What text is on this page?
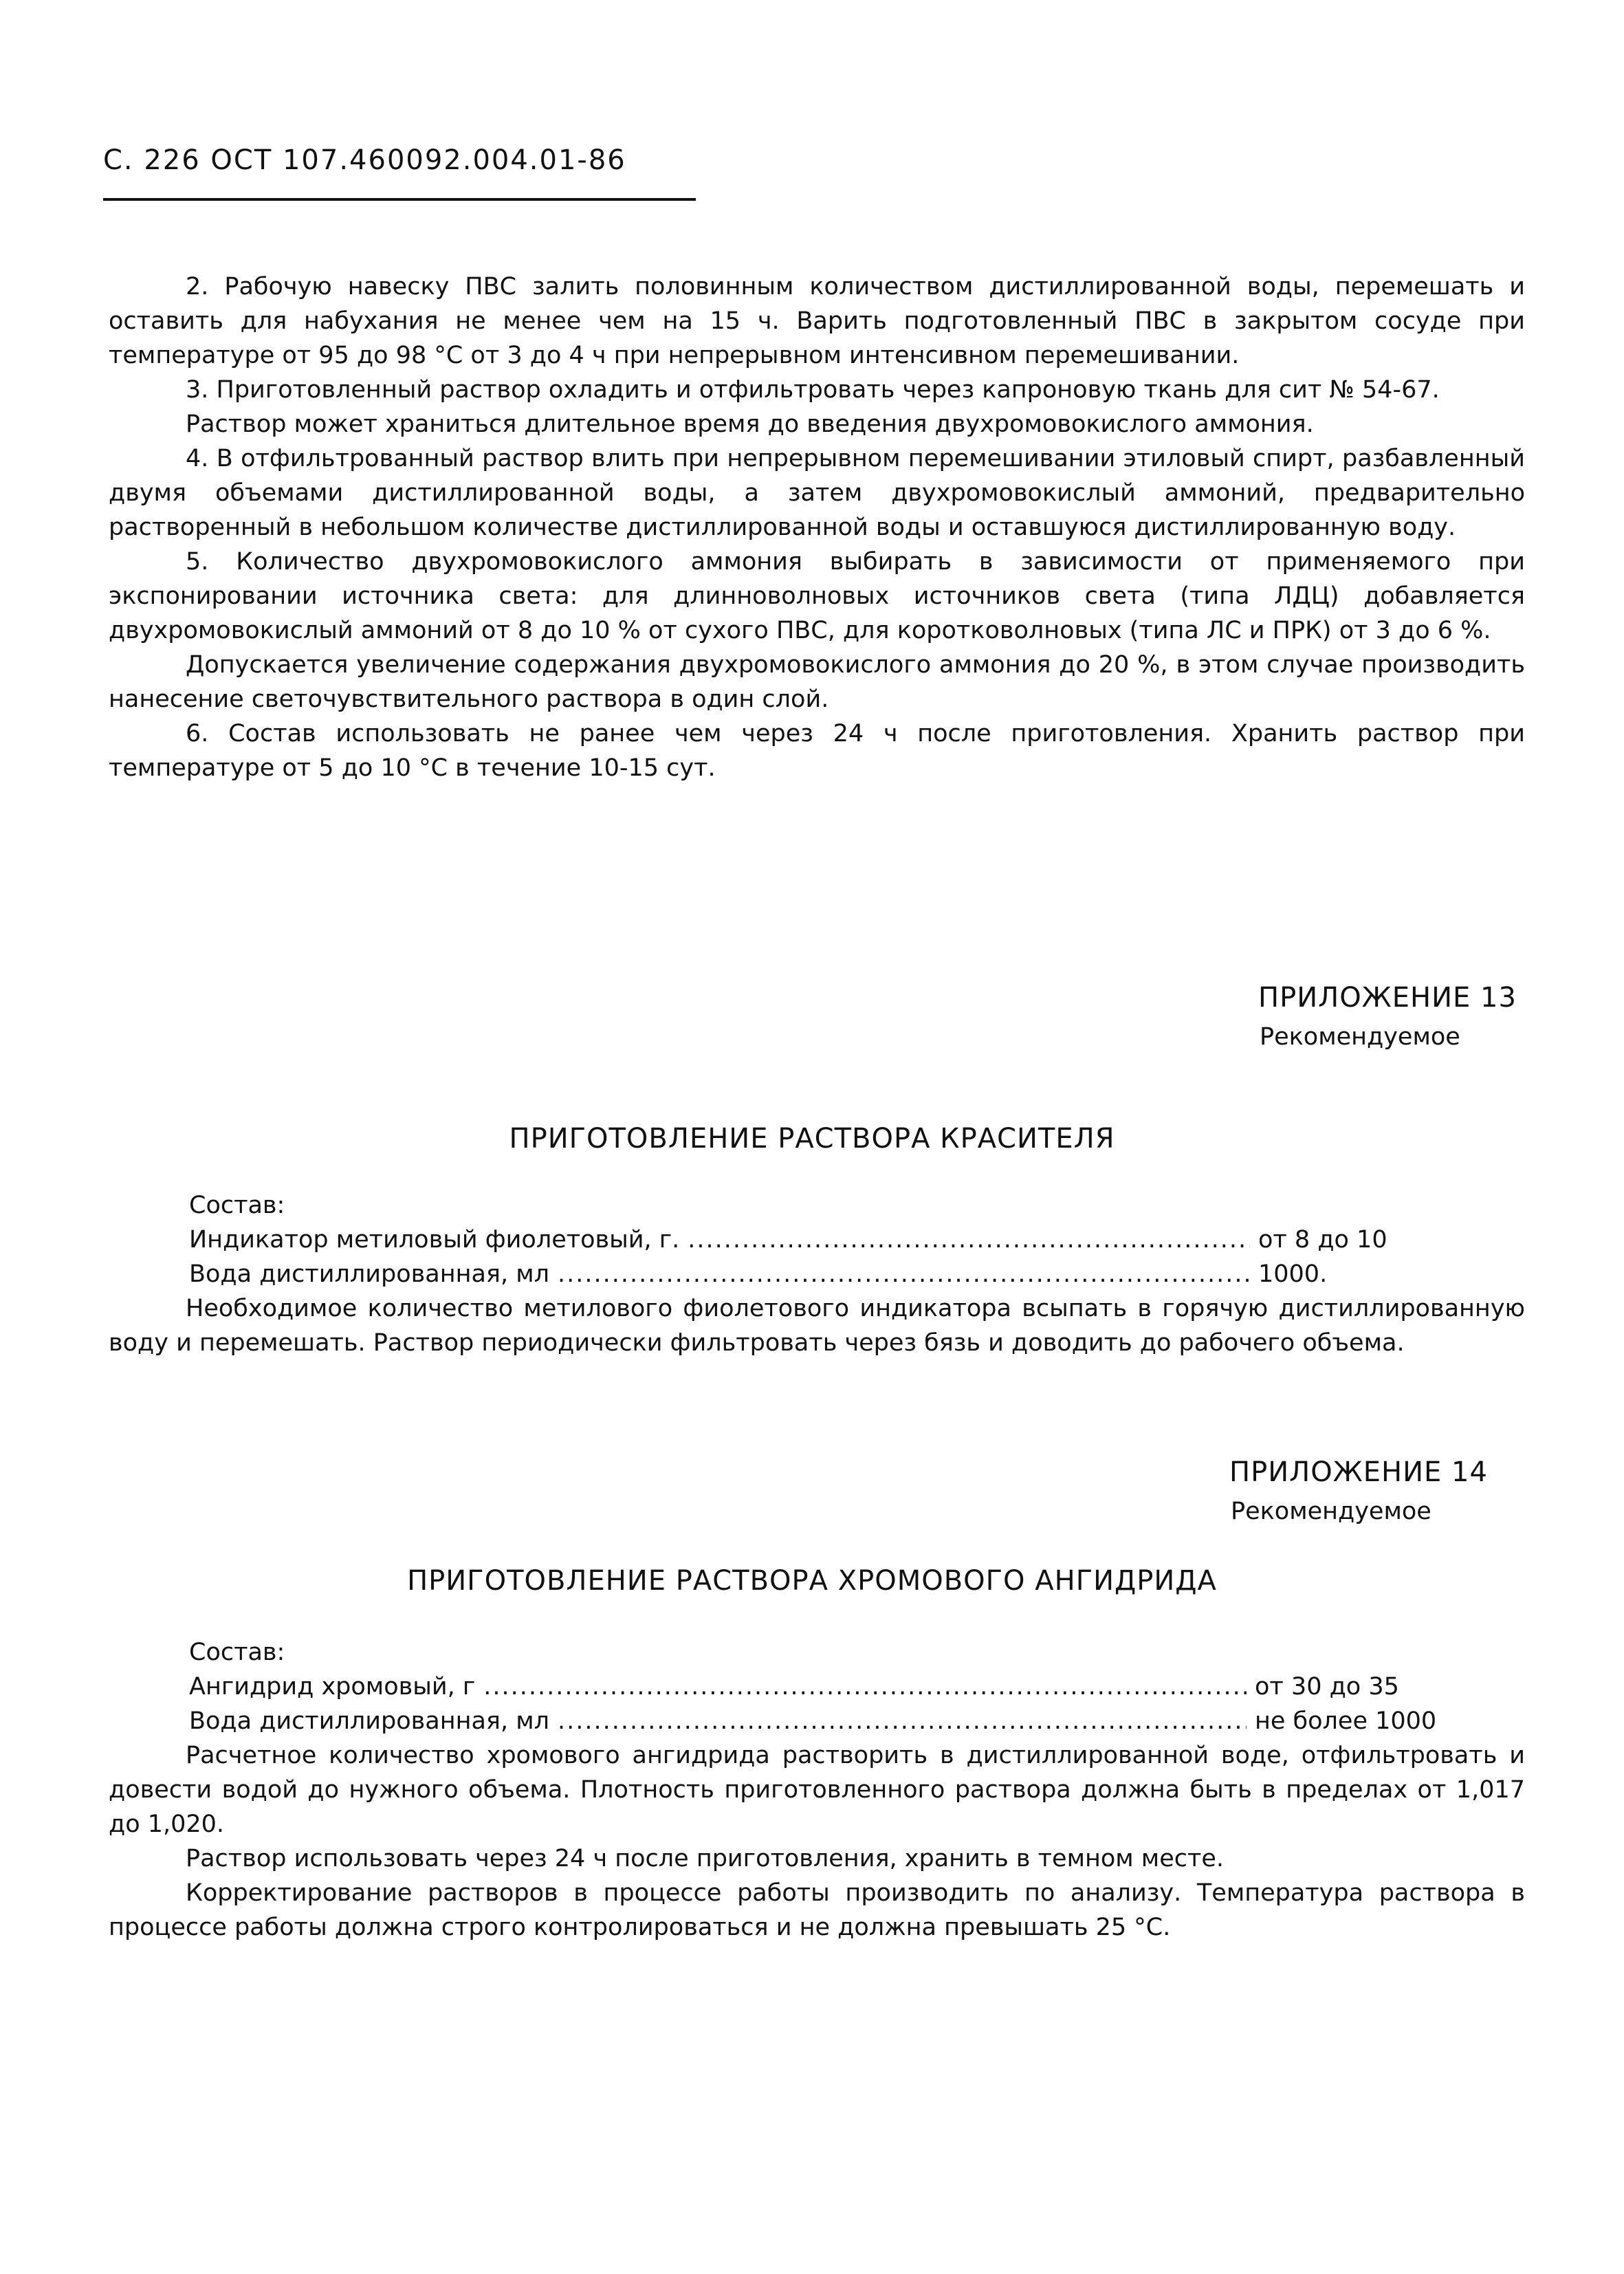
С. 226 ОСТ 107.460092.004.01-86

2. Рабочую навеску ПВС залить половинным количеством дистиллированной воды, перемешать и оставить для набухания не менее чем на 15 ч. Варить подготовленный ПВС в закрытом сосуде при температуре от 95 до 98 °С от 3 до 4 ч при непрерывном интенсивном перемешивании.

3. Приготовленный раствор охладить и отфильтровать через капроновую ткань для сит № 54-67.

Раствор может храниться длительное время до введения двухромовокислого аммония.

4. В отфильтрованный раствор влить при непрерывном перемешивании этиловый спирт, разбавленный двумя объемами дистиллированной воды, а затем двухромовокислый аммоний, предварительно растворенный в небольшом количестве дистиллированной воды и оставшуюся дистиллированную воду.

5. Количество двухромовокислого аммония выбирать в зависимости от применяемого при экспонировании источника света: для длинноволновых источников света (типа ЛДЦ) добавляется двухромовокислый аммоний от 8 до 10 % от сухого ПВС, для коротковолновых (типа ЛС и ПРК) от 3 до 6 %.

Допускается увеличение содержания двухромовокислого аммония до 20 %, в этом случае производить нанесение светочувствительного раствора в один слой.

6. Состав использовать не ранее чем через 24 ч после приготовления. Хранить раствор при температуре от 5 до 10 °С в течение 10-15 сут.

ПРИЛОЖЕНИЕ 13
Рекомендуемое
ПРИГОТОВЛЕНИЕ РАСТВОРА КРАСИТЕЛЯ
Состав:
Индикатор метиловый фиолетовый, г. .....	от 8 до 10
Вода дистиллированная, мл .....	1000.

Необходимое количество метилового фиолетового индикатора всыпать в горячую дистиллированную воду и перемешать. Раствор периодически фильтровать через бязь и доводить до рабочего объема.

ПРИЛОЖЕНИЕ 14
Рекомендуемое
ПРИГОТОВЛЕНИЕ РАСТВОРА ХРОМОВОГО АНГИДРИДА
Состав:
Ангидрид хромовый, г .....	от 30 до 35
Вода дистиллированная, мл .....	не более 1000

Расчетное количество хромового ангидрида растворить в дистиллированной воде, отфильтровать и довести водой до нужного объема. Плотность приготовленного раствора должна быть в пределах от 1,017 до 1,020.

Раствор использовать через 24 ч после приготовления, хранить в темном месте.

Корректирование растворов в процессе работы производить по анализу. Температура раствора в процессе работы должна строго контролироваться и не должна превышать 25 °С.
